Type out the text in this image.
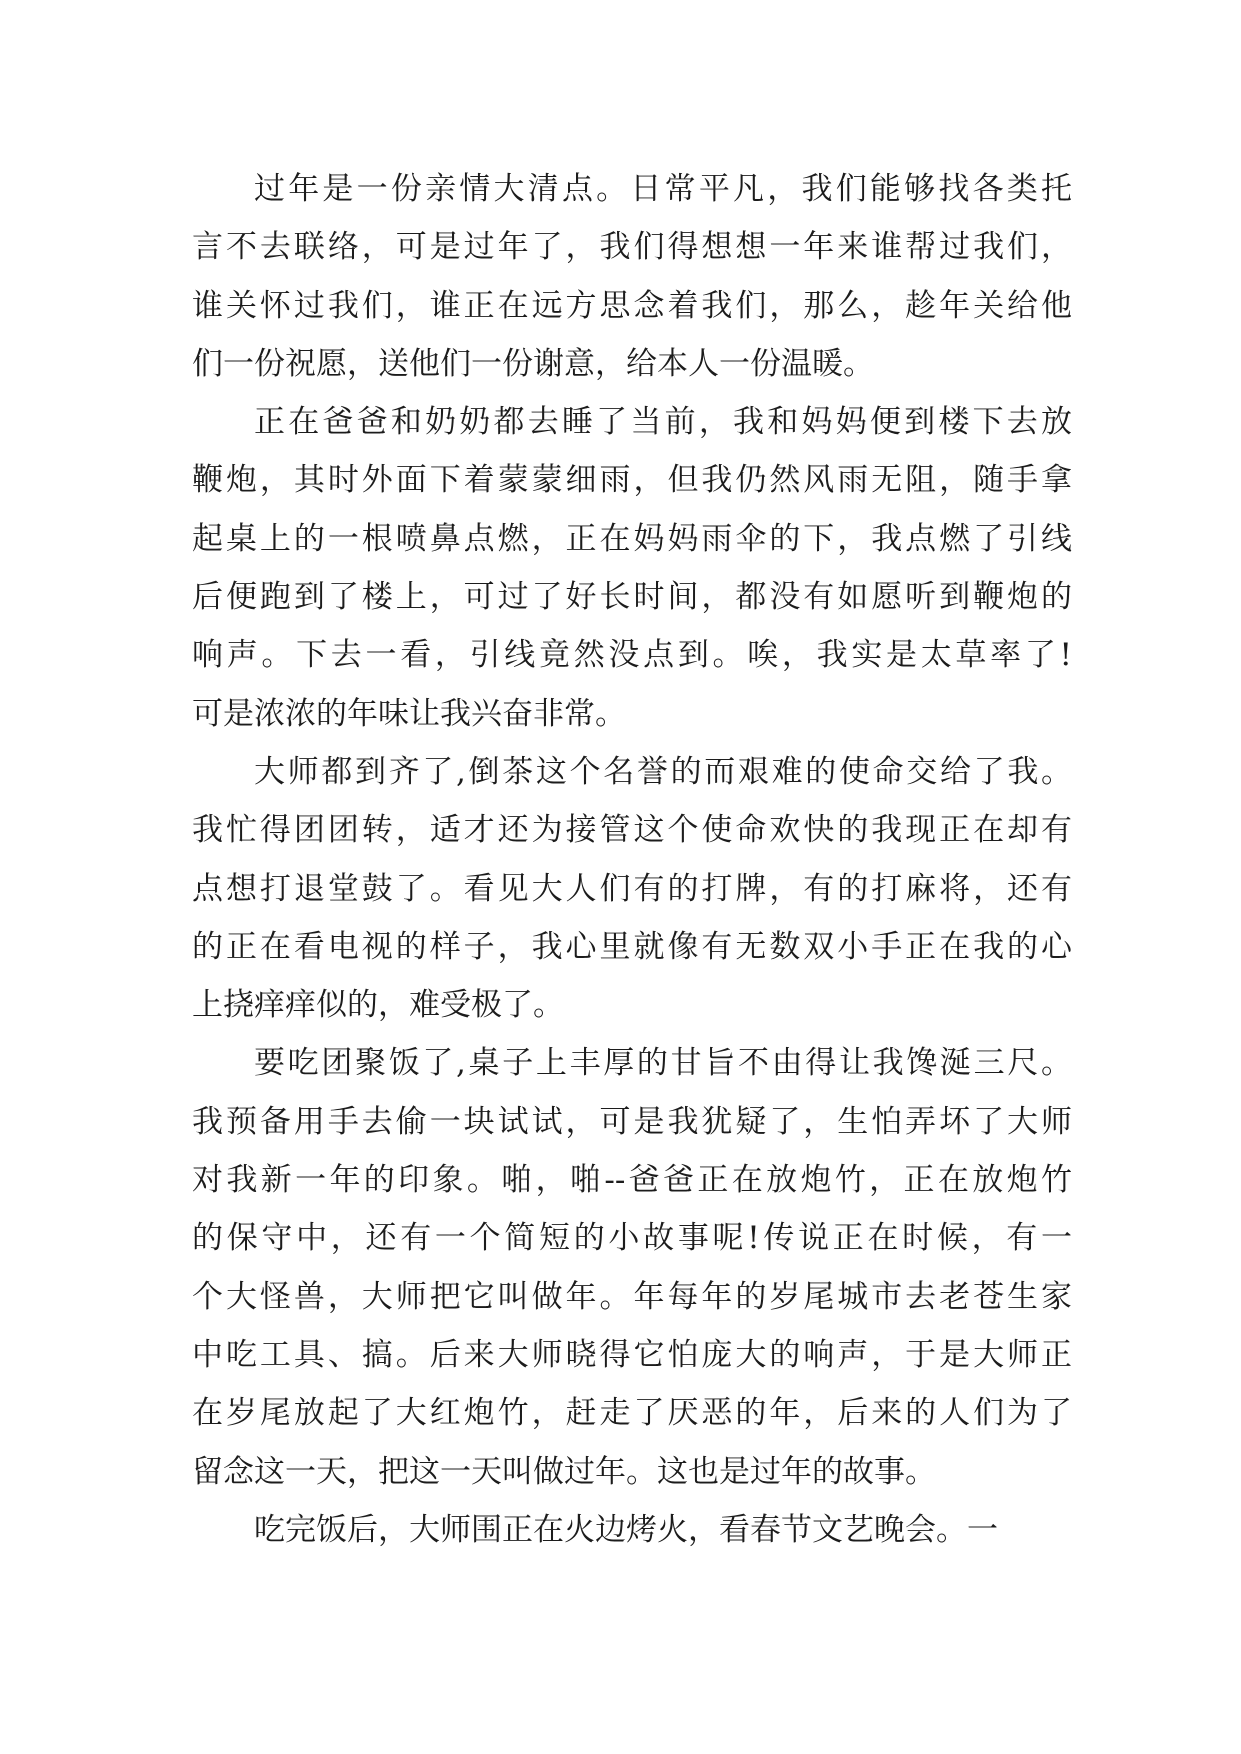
过年是一份亲情大清点。日常平凡，我们能够找各类托
言不去联络，可是过年了，我们得想想一年来谁帮过我们，
谁关怀过我们，谁正在远方思念着我们，那么，趁年关给他
们一份祝愿，送他们一份谢意，给本人一份温暖。
正在爸爸和奶奶都去睡了当前，我和妈妈便到楼下去放
鞭炮，其时外面下着蒙蒙细雨，但我仍然风雨无阻，随手拿
起桌上的一根喷鼻点燃，正在妈妈雨伞的下，我点燃了引线
后便跑到了楼上，可过了好长时间，都没有如愿听到鞭炮的
响声。下去一看，引线竟然没点到。唉，我实是太草率了!
可是浓浓的年味让我兴奋非常。
大师都到齐了,倒茶这个名誉的而艰难的使命交给了我。
我忙得团团转，适才还为接管这个使命欢快的我现正在却有
点想打退堂鼓了。看见大人们有的打牌，有的打麻将，还有
的正在看电视的样子，我心里就像有无数双小手正在我的心
上挠痒痒似的，难受极了。
要吃团聚饭了,桌子上丰厚的甘旨不由得让我馋涎三尺。
我预备用手去偷一块试试，可是我犹疑了，生怕弄坏了大师
对我新一年的印象。啪，啪--爸爸正在放炮竹，正在放炮竹
的保守中，还有一个简短的小故事呢!传说正在时候，有一
个大怪兽，大师把它叫做年。年每年的岁尾城市去老苍生家
中吃工具、搞。后来大师晓得它怕庞大的响声，于是大师正
在岁尾放起了大红炮竹，赶走了厌恶的年，后来的人们为了
留念这一天，把这一天叫做过年。这也是过年的故事。
吃完饭后，大师围正在火边烤火，看春节文艺晚会。一
